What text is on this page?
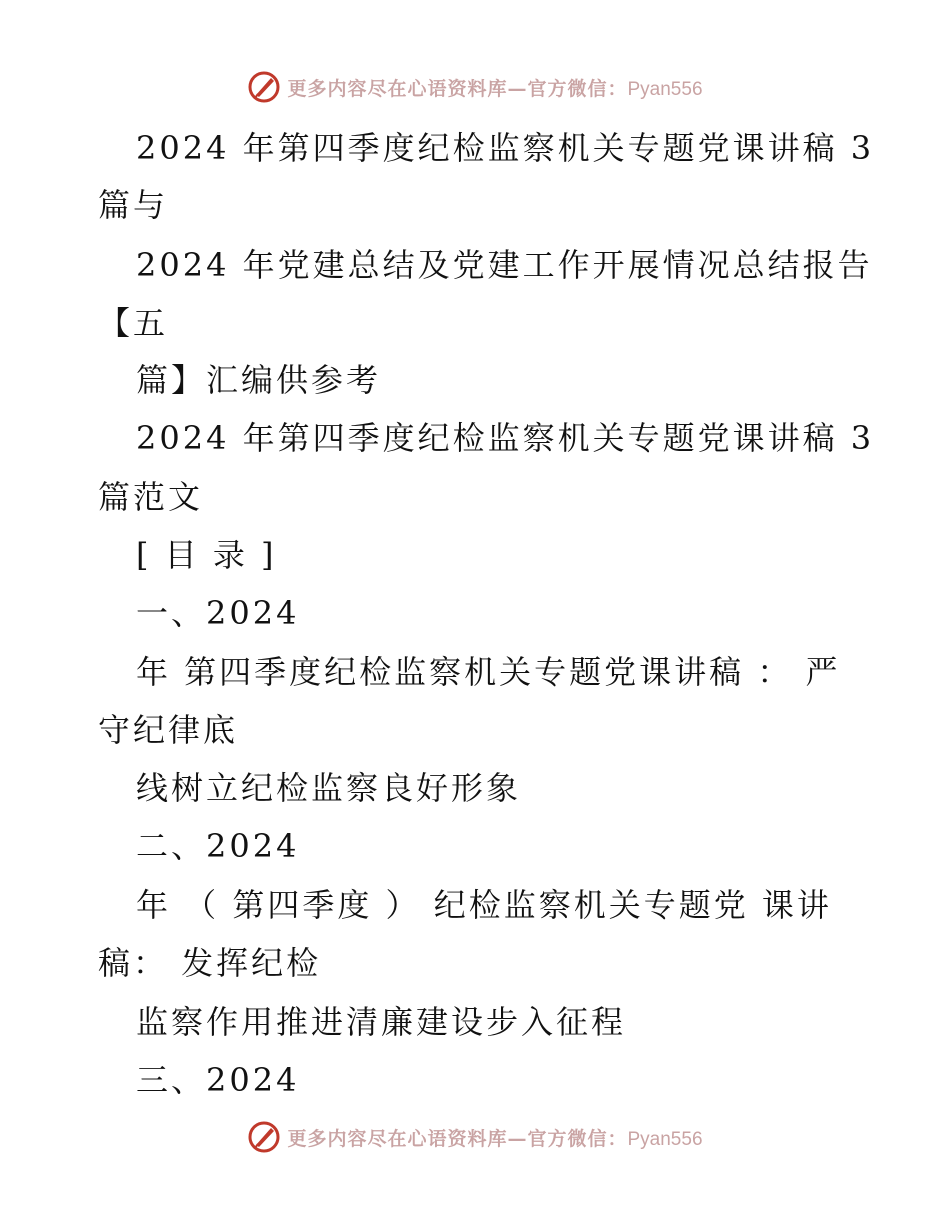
更多内容尽在心语资料库—官方微信：Pyan556
2024 年第四季度纪检监察机关专题党课讲稿 3
篇与
2024 年党建总结及党建工作开展情况总结报告
【五
篇】汇编供参考
2024 年第四季度纪检监察机关专题党课讲稿 3
篇范文
[ 目 录 ]
一、2024
年 第四季度纪检监察机关专题党课讲稿 ： 严
守纪律底
线树立纪检监察良好形象
二、2024
年 （ 第四季度 ） 纪检监察机关专题党 课讲
稿： 发挥纪检
监察作用推进清廉建设步入征程
三、2024
更多内容尽在心语资料库—官方微信：Pyan556
